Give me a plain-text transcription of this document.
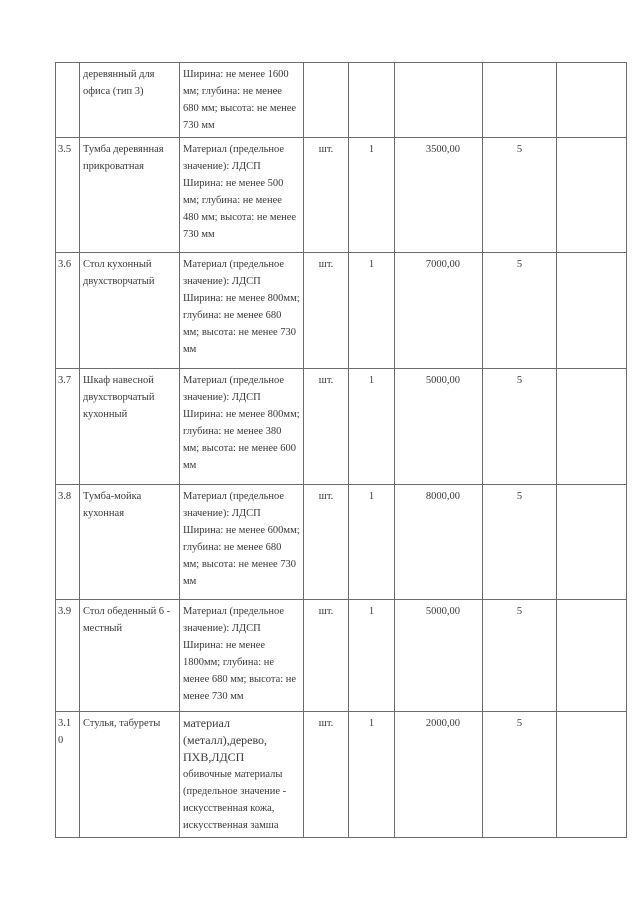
	деревянный для офиса (тип 3)	Ширина: не менее 1600 мм; глубина: не менее 680 мм; высота: не менее 730 мм					

3.5	Тумба деревянная прикроватная	Материал (предельное значение): ЛДСП
Ширина: не менее 500 мм; глубина: не менее 480 мм; высота: не менее 730 мм	шт.	1	3500,00	5	
3.6	Стол кухонный двухстворчатый	Материал (предельное значение): ЛДСП
Ширина: не менее 800мм; глубина: не менее 680 мм; высота: не менее 730 мм	шт.	1	7000,00	5	
3.7	Шкаф навесной двухстворчатый кухонный	Материал (предельное значение): ЛДСП
Ширина: не менее 800мм; глубина: не менее 380 мм; высота: не менее 600 мм	шт.	1	5000,00	5	
3.8	Тумба-мойка кухонная	Материал (предельное значение): ЛДСП
Ширина: не менее 600мм; глубина: не менее 680 мм; высота: не менее 730 мм	шт.	1	8000,00	5	
3.9	Стол обеденный 6 - местный	Материал (предельное значение): ЛДСП
Ширина: не менее 1800мм; глубина: не менее 680 мм; высота: не менее 730 мм	шт.	1	5000,00	5	
3.10	Стулья, табуреты	материал (металл),дерево,
ПХВ,ЛДСП
обивочные материалы (предельное значение - искусственная кожа, искусственная замша	шт.	1	2000,00	5	
